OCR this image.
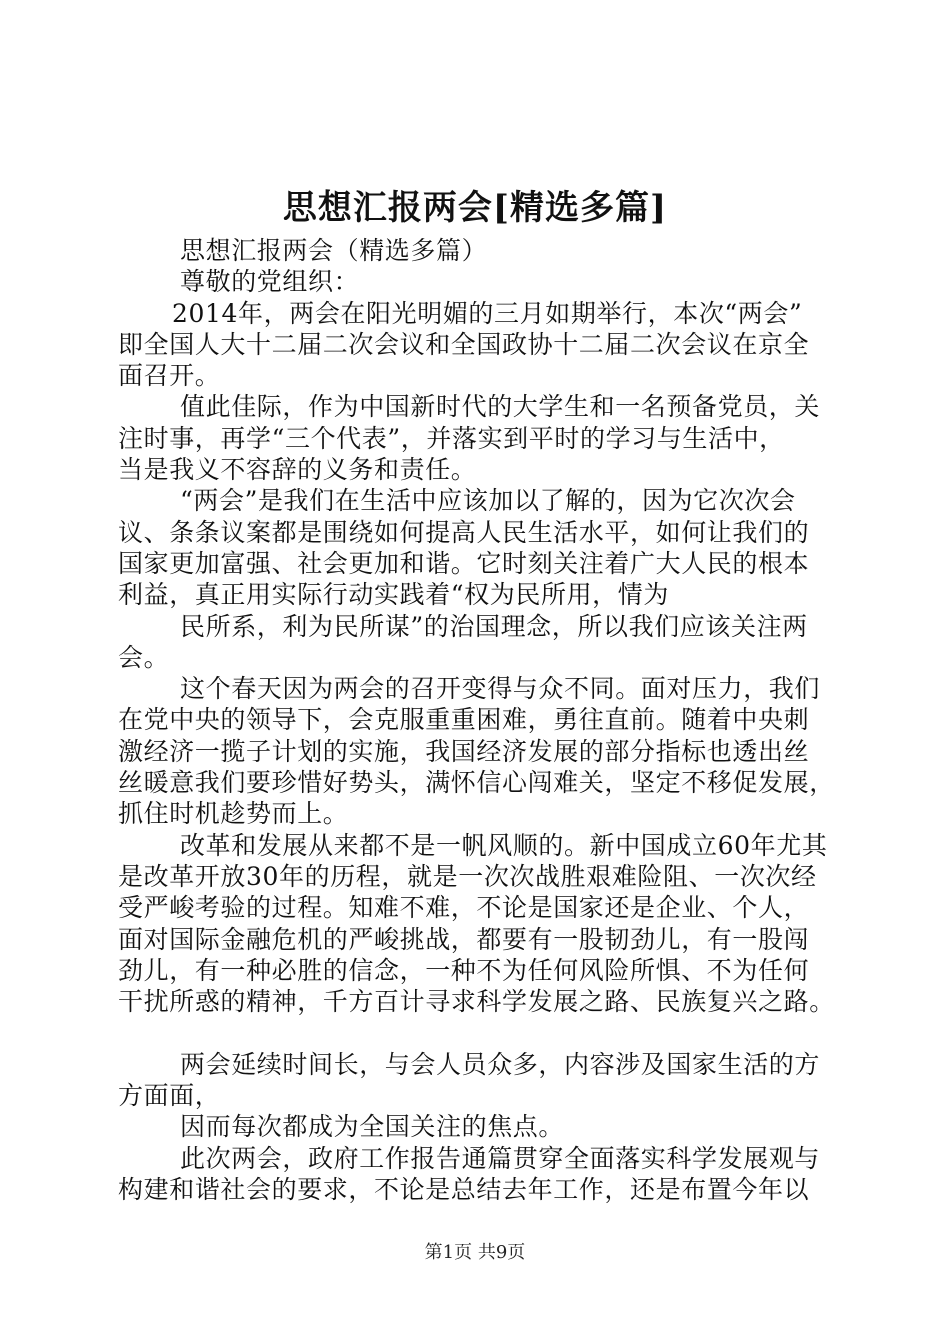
思想汇报两会[精选多篇]
思想汇报两会（精选多篇）
尊敬的党组织：
2014年，两会在阳光明媚的三月如期举行，本次“两会”
即全国人大十二届二次会议和全国政协十二届二次会议在京全
面召开。
值此佳际，作为中国新时代的大学生和一名预备党员，关
注时事，再学“三个代表”，并落实到平时的学习与生活中，
当是我义不容辞的义务和责任。
“两会”是我们在生活中应该加以了解的，因为它次次会
议、条条议案都是围绕如何提高人民生活水平，如何让我们的
国家更加富强、社会更加和谐。它时刻关注着广大人民的根本
利益，真正用实际行动实践着“权为民所用，情为
民所系，利为民所谋”的治国理念，所以我们应该关注两
会。
这个春天因为两会的召开变得与众不同。面对压力，我们
在党中央的领导下，会克服重重困难，勇往直前。随着中央刺
激经济一揽子计划的实施，我国经济发展的部分指标也透出丝
丝暖意我们要珍惜好势头，满怀信心闯难关，坚定不移促发展，
抓住时机趁势而上。
改革和发展从来都不是一帆风顺的。新中国成立60年尤其
是改革开放30年的历程，就是一次次战胜艰难险阻、一次次经
受严峻考验的过程。知难不难，不论是国家还是企业、个人，
面对国际金融危机的严峻挑战，都要有一股韧劲儿，有一股闯
劲儿，有一种必胜的信念，一种不为任何风险所惧、不为任何
干扰所惑的精神，千方百计寻求科学发展之路、民族复兴之路。
两会延续时间长，与会人员众多，内容涉及国家生活的方
方面面，
因而每次都成为全国关注的焦点。
此次两会，政府工作报告通篇贯穿全面落实科学发展观与
构建和谐社会的要求，不论是总结去年工作，还是布置今年以
第1页 共9页
